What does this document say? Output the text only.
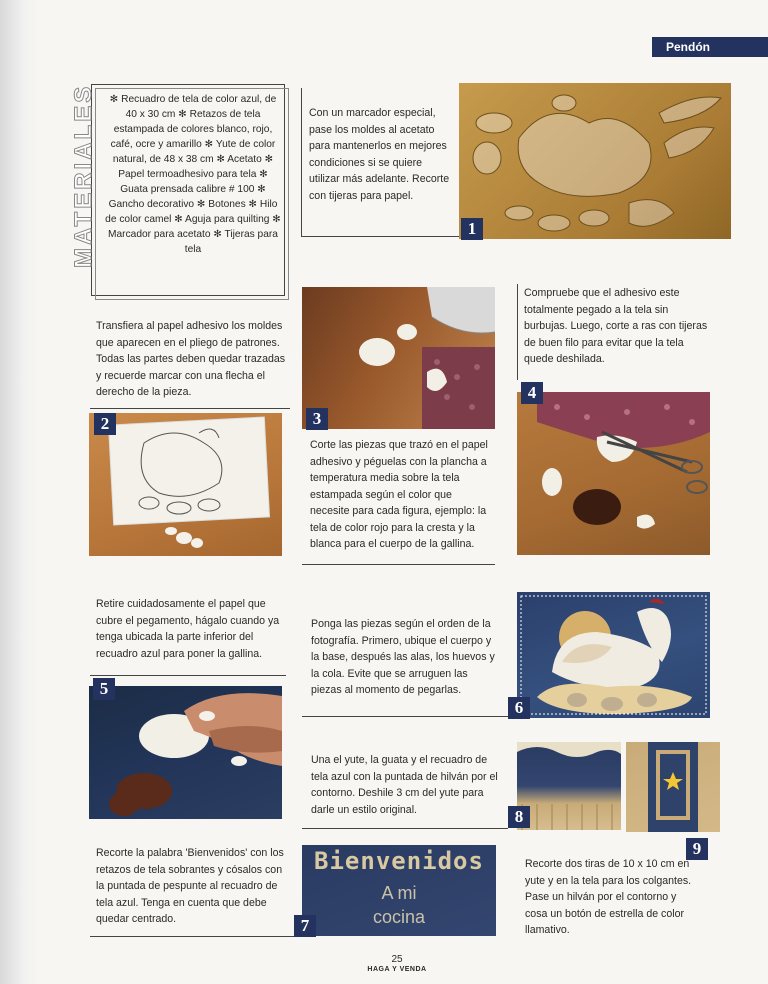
Pendón
MATERIALES	✻ Recuadro de tela de color azul, de 40 x 30 cm ✻ Retazos de tela estampada de colores blanco, rojo, café, ocre y amarillo ✻ Yute de color natural, de 48 x 38 cm ✻ Acetato ✻ Papel termoadhesivo para tela ✻ Guata prensada calibre # 100 ✻ Gancho decorativo ✻ Botones ✻ Hilo de color camel ✻ Aguja para quilting ✻ Marcador para acetato ✻ Tijeras para tela
Con un marcador especial, pase los moldes al acetato para mantenerlos en mejores condiciones si se quiere utilizar más adelante. Recorte con tijeras para papel.
1
Transfiera al papel adhesivo los moldes que aparecen en el pliego de patrones. Todas las partes deben quedar trazadas y recuerde marcar con una flecha el derecho de la pieza.
2	3
Corte las piezas que trazó en el papel adhesivo y péguelas con la plancha a temperatura media sobre la tela estampada según el color que necesite para cada figura, ejemplo: la tela de color rojo para la cresta y la blanca para el cuerpo de la gallina.
Compruebe que el adhesivo este totalmente pegado a la tela sin burbujas. Luego, corte a ras con tijeras de buen filo para evitar que la tela quede deshilada.
4
Retire cuidadosamente el papel que cubre el pegamento, hágalo cuando ya tenga ubicada la parte inferior del recuadro azul para poner la gallina.
5
Ponga las piezas según el orden de la fotografía. Primero, ubique el cuerpo y la base, después las alas, los huevos y la cola. Evite que se arruguen las piezas al momento de pegarlas.
6
Una el yute, la guata y el recuadro de tela azul con la puntada de hilván por el contorno. Deshile 3 cm del yute para darle un estilo original.	8
9
Recorte dos tiras de 10 x 10 cm en yute y en la tela para los colgantes. Pase un hilván por el contorno y cosa un botón de estrella de color llamativo.
Recorte la palabra 'Bienvenidos' con los retazos de tela sobrantes y cósalos con la puntada de pespunte al recuadro de tela azul. Tenga en cuenta que debe quedar centrado.
Bienvenidos
A mi
cocina
7
25
HAGA Y VENDA
